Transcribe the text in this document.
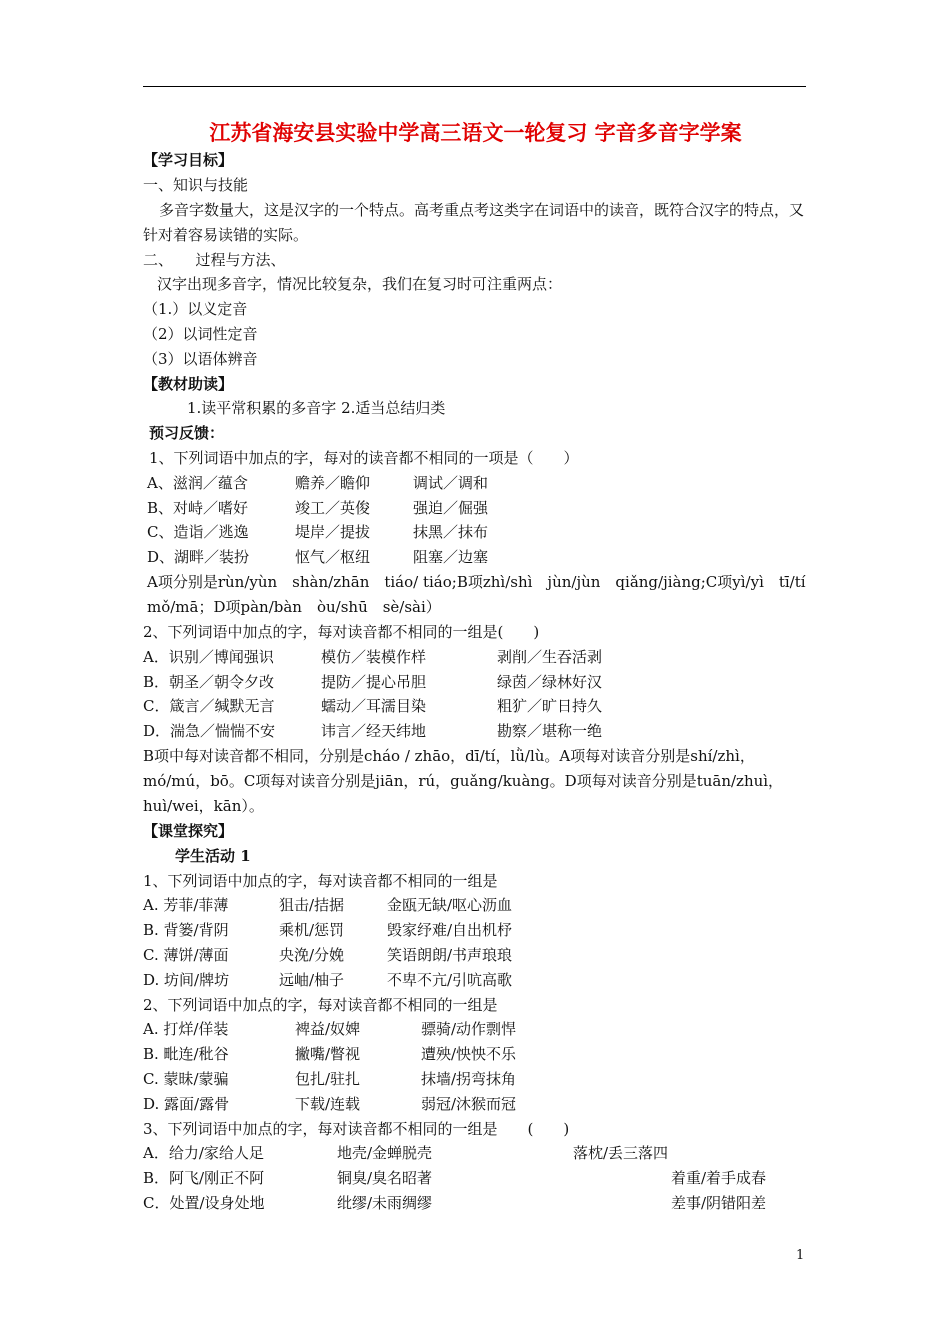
江苏省海安县实验中学高三语文一轮复习 字音多音字学案
【学习目标】
一、知识与技能
多音字数量大，这是汉字的一个特点。高考重点考这类字在词语中的读音，既符合汉字的特点，又针对着容易读错的实际。
二、　　过程与方法、
汉字出现多音字，情况比较复杂，我们在复习时可注重两点：
（1.）以义定音
（2）以词性定音
（3）以语体辨音
【教材助读】
1.读平常积累的多音字 2.适当总结归类
预习反馈：
1、下列词语中加点的字，每对的读音都不相同的一项是（　　）
A、滋润／蕴含	赡养／瞻仰	调试／调和
B、对峙／嗜好	竣工／英俊	强迫／倔强
C、造诣／逃逸	堤岸／提拔	抹黑／抹布
D、湖畔／装扮	怄气／枢纽	阻塞／边塞
A项分别是rùn/yùn　shàn/zhān　tiáo/ tiáo;B项zhì/shì　jùn/jùn　qiǎng/jiàng;C项yì/yì　tī/tí　mǒ/mā；D项pàn/bàn　òu/shū　sè/sài）
2、下列词语中加点的字，每对读音都不相同的一组是(　　)
A．识别／博闻强识	模仿／装模作样	剥削／生吞活剥
B．朝圣／朝令夕改	提防／提心吊胆	绿茵／绿林好汉
C．箴言／缄默无言	蠕动／耳濡目染	粗犷／旷日持久
D．湍急／惴惴不安	讳言／经天纬地	勘察／堪称一绝
B项中每对读音都不相同，分别是cháo / zhāo，dī/tí，lǜ/lù。A项每对读音分别是shí/zhì，mó/mú，bō。C项每对读音分别是jiān，rú，guǎng/kuàng。D项每对读音分别是tuān/zhuì，huì/wei，kān）。
【课堂探究】
学生活动 1
1、下列词语中加点的字，每对读音都不相同的一组是
A. 芳菲/菲薄	狙击/拮据	金瓯无缺/呕心沥血
B. 背篓/背阴	乘机/惩罚	毁家纾难/自出机杼
C. 薄饼/薄面	央浼/分娩	笑语朗朗/书声琅琅
D. 坊间/牌坊	远岫/柚子	不卑不亢/引吭高歌
2、下列词语中加点的字，每对读音都不相同的一组是
A. 打烊/佯装	裨益/奴婢	骠骑/动作剽悍
B. 毗连/秕谷	撇嘴/瞥视	遭殃/怏怏不乐
C. 蒙昧/蒙骗	包扎/驻扎	抹墙/拐弯抹角
D. 露面/露骨	下载/连载	弱冠/沐猴而冠
3、下列词语中加点的字，每对读音都不相同的一组是　　(　　)
A．给力/家给人足	地壳/金蝉脱壳	落枕/丢三落四
B．阿飞/刚正不阿	铜臭/臭名昭著	着重/着手成春
C．处置/设身处地	纰缪/未雨绸缪	差事/阴错阳差
1
